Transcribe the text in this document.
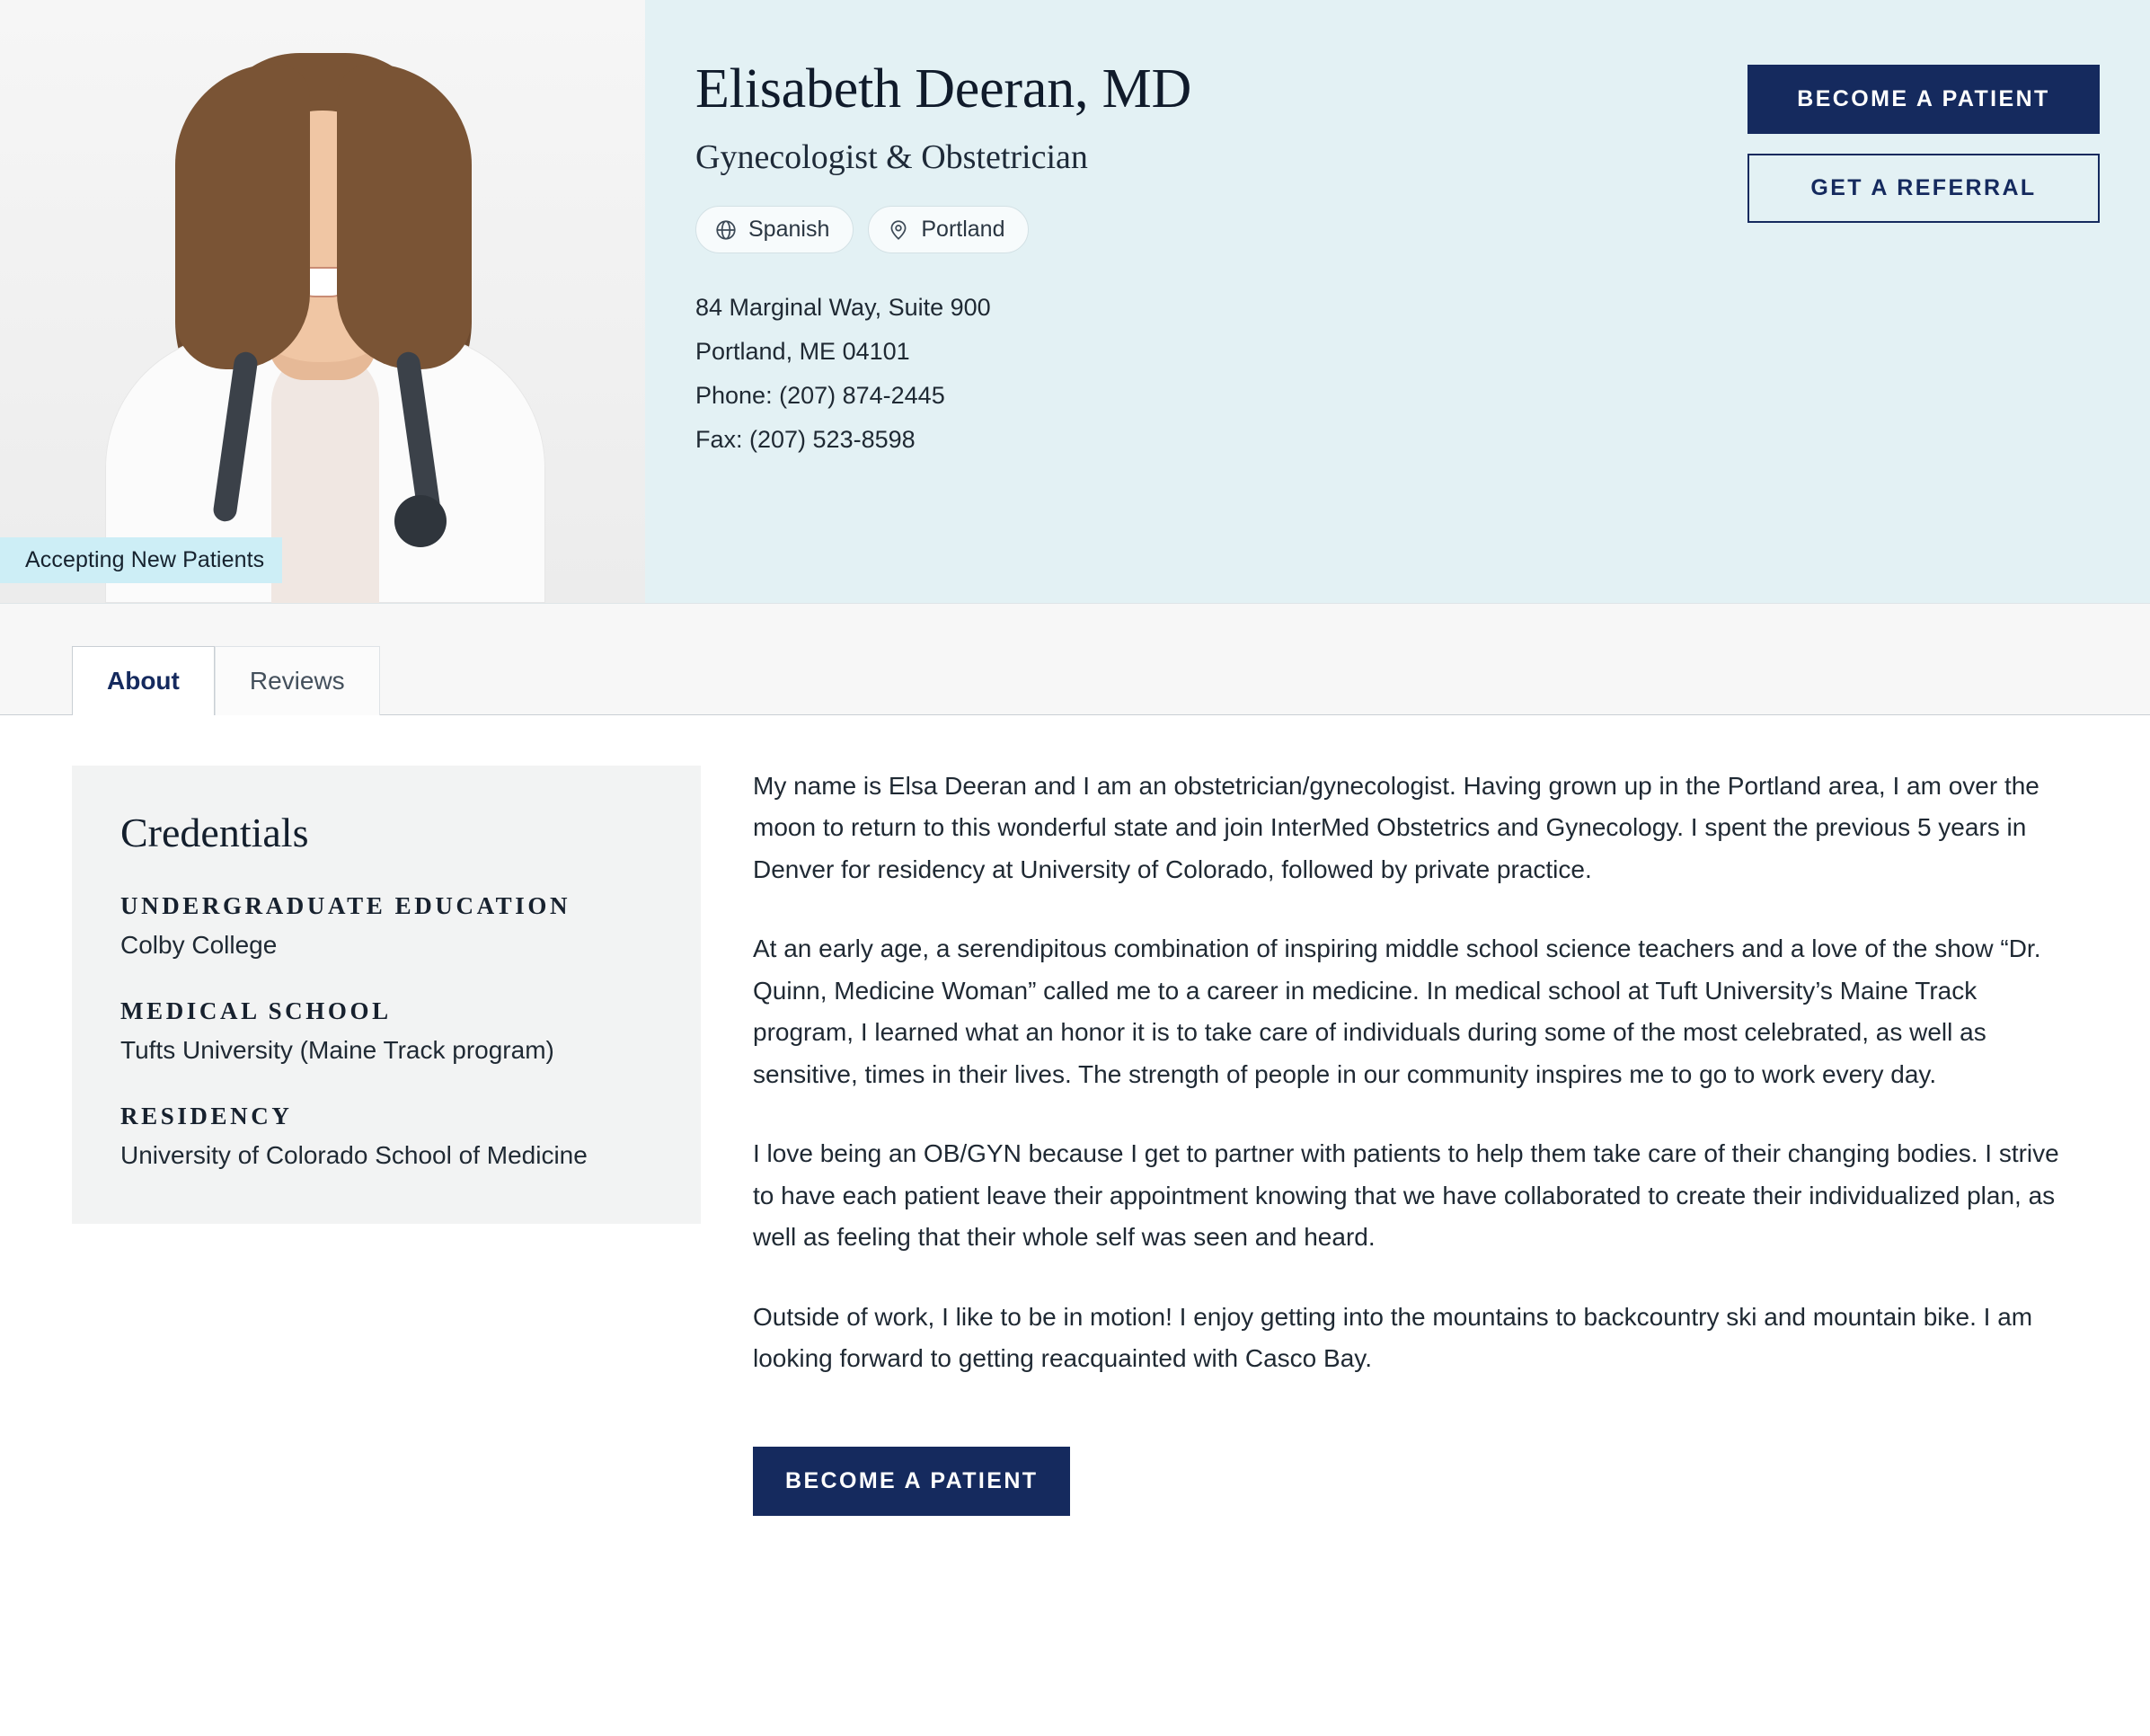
Accepting New Patients
Elisabeth Deeran, MD
Gynecologist & Obstetrician
Spanish	Portland

84 Marginal Way, Suite 900

Portland, ME 04101

Phone: (207) 874-2445

Fax: (207) 523-8598

BECOME A PATIENT
GET A REFERRAL
About	Reviews
Credentials
UNDERGRADUATE EDUCATION
Colby College
MEDICAL SCHOOL
Tufts University (Maine Track program)
RESIDENCY
University of Colorado School of Medicine

My name is Elsa Deeran and I am an obstetrician/gynecologist. Having grown up in the Portland area, I am over the moon to return to this wonderful state and join InterMed Obstetrics and Gynecology. I spent the previous 5 years in Denver for residency at University of Colorado, followed by private practice.

At an early age, a serendipitous combination of inspiring middle school science teachers and a love of the show “Dr. Quinn, Medicine Woman” called me to a career in medicine. In medical school at Tuft University’s Maine Track program, I learned what an honor it is to take care of individuals during some of the most celebrated, as well as sensitive, times in their lives. The strength of people in our community inspires me to go to work every day.

I love being an OB/GYN because I get to partner with patients to help them take care of their changing bodies. I strive to have each patient leave their appointment knowing that we have collaborated to create their individualized plan, as well as feeling that their whole self was seen and heard.

Outside of work, I like to be in motion! I enjoy getting into the mountains to backcountry ski and mountain bike. I am looking forward to getting reacquainted with Casco Bay.

BECOME A PATIENT
